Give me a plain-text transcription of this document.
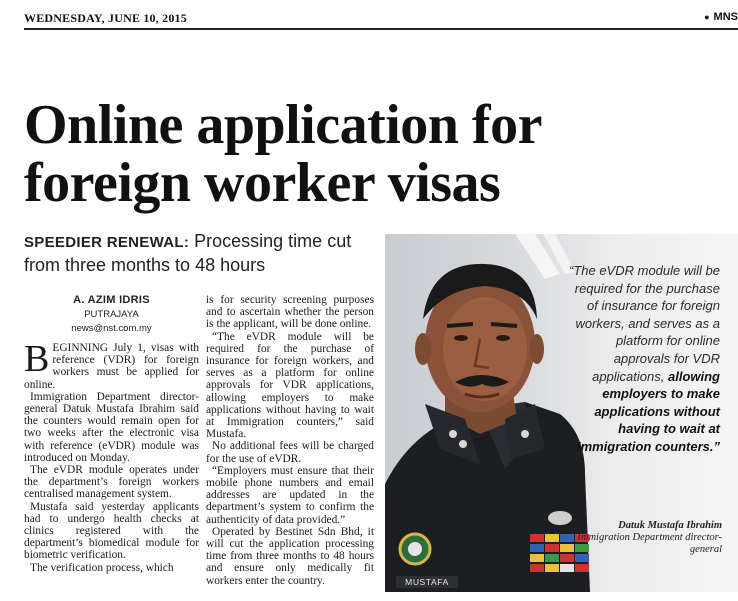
WEDNESDAY, JUNE 10, 2015	● MNS
Online application for
foreign worker visas
SPEEDIER RENEWAL: Processing time cut from three months to 48 hours
A. AZIM IDRIS
PUTRAJAYA
news@nst.com.my

BEGINNING July 1, visas with reference (VDR) for foreign workers must be applied for online.

Immigration Department director-general Datuk Mustafa Ibrahim said the counters would remain open for two weeks after the electronic visa with reference (eVDR) module was introduced on Monday.

The eVDR module operates under the department’s foreign workers centralised management system.

Mustafa said yesterday applicants had to undergo health checks at clinics registered with the department’s biomedical module for biometric verification.

The verification process, which

is for security screening purposes and to ascertain whether the person is the applicant, will be done online.

“The eVDR module will be required for the purchase of insurance for foreign workers, and serves as a platform for online approvals for VDR applications, allowing employers to make applications without having to wait at Immigration counters,” said Mustafa.

No additional fees will be charged for the use of eVDR.

“Employers must ensure that their mobile phone numbers and email addresses are updated in the department’s system to confirm the authenticity of data provided.”

Operated by Bestinet Sdn Bhd, it will cut the application processing time from three months to 48 hours and ensure only medically fit workers enter the country.

“The eVDR module will be required for the purchase of insurance for foreign workers, and serves as a platform for online approvals for VDR applications, allowing employers to make applications without having to wait at Immigration counters.”
Datuk Mustafa Ibrahim
Immigration Department director-general
MUSTAFA
